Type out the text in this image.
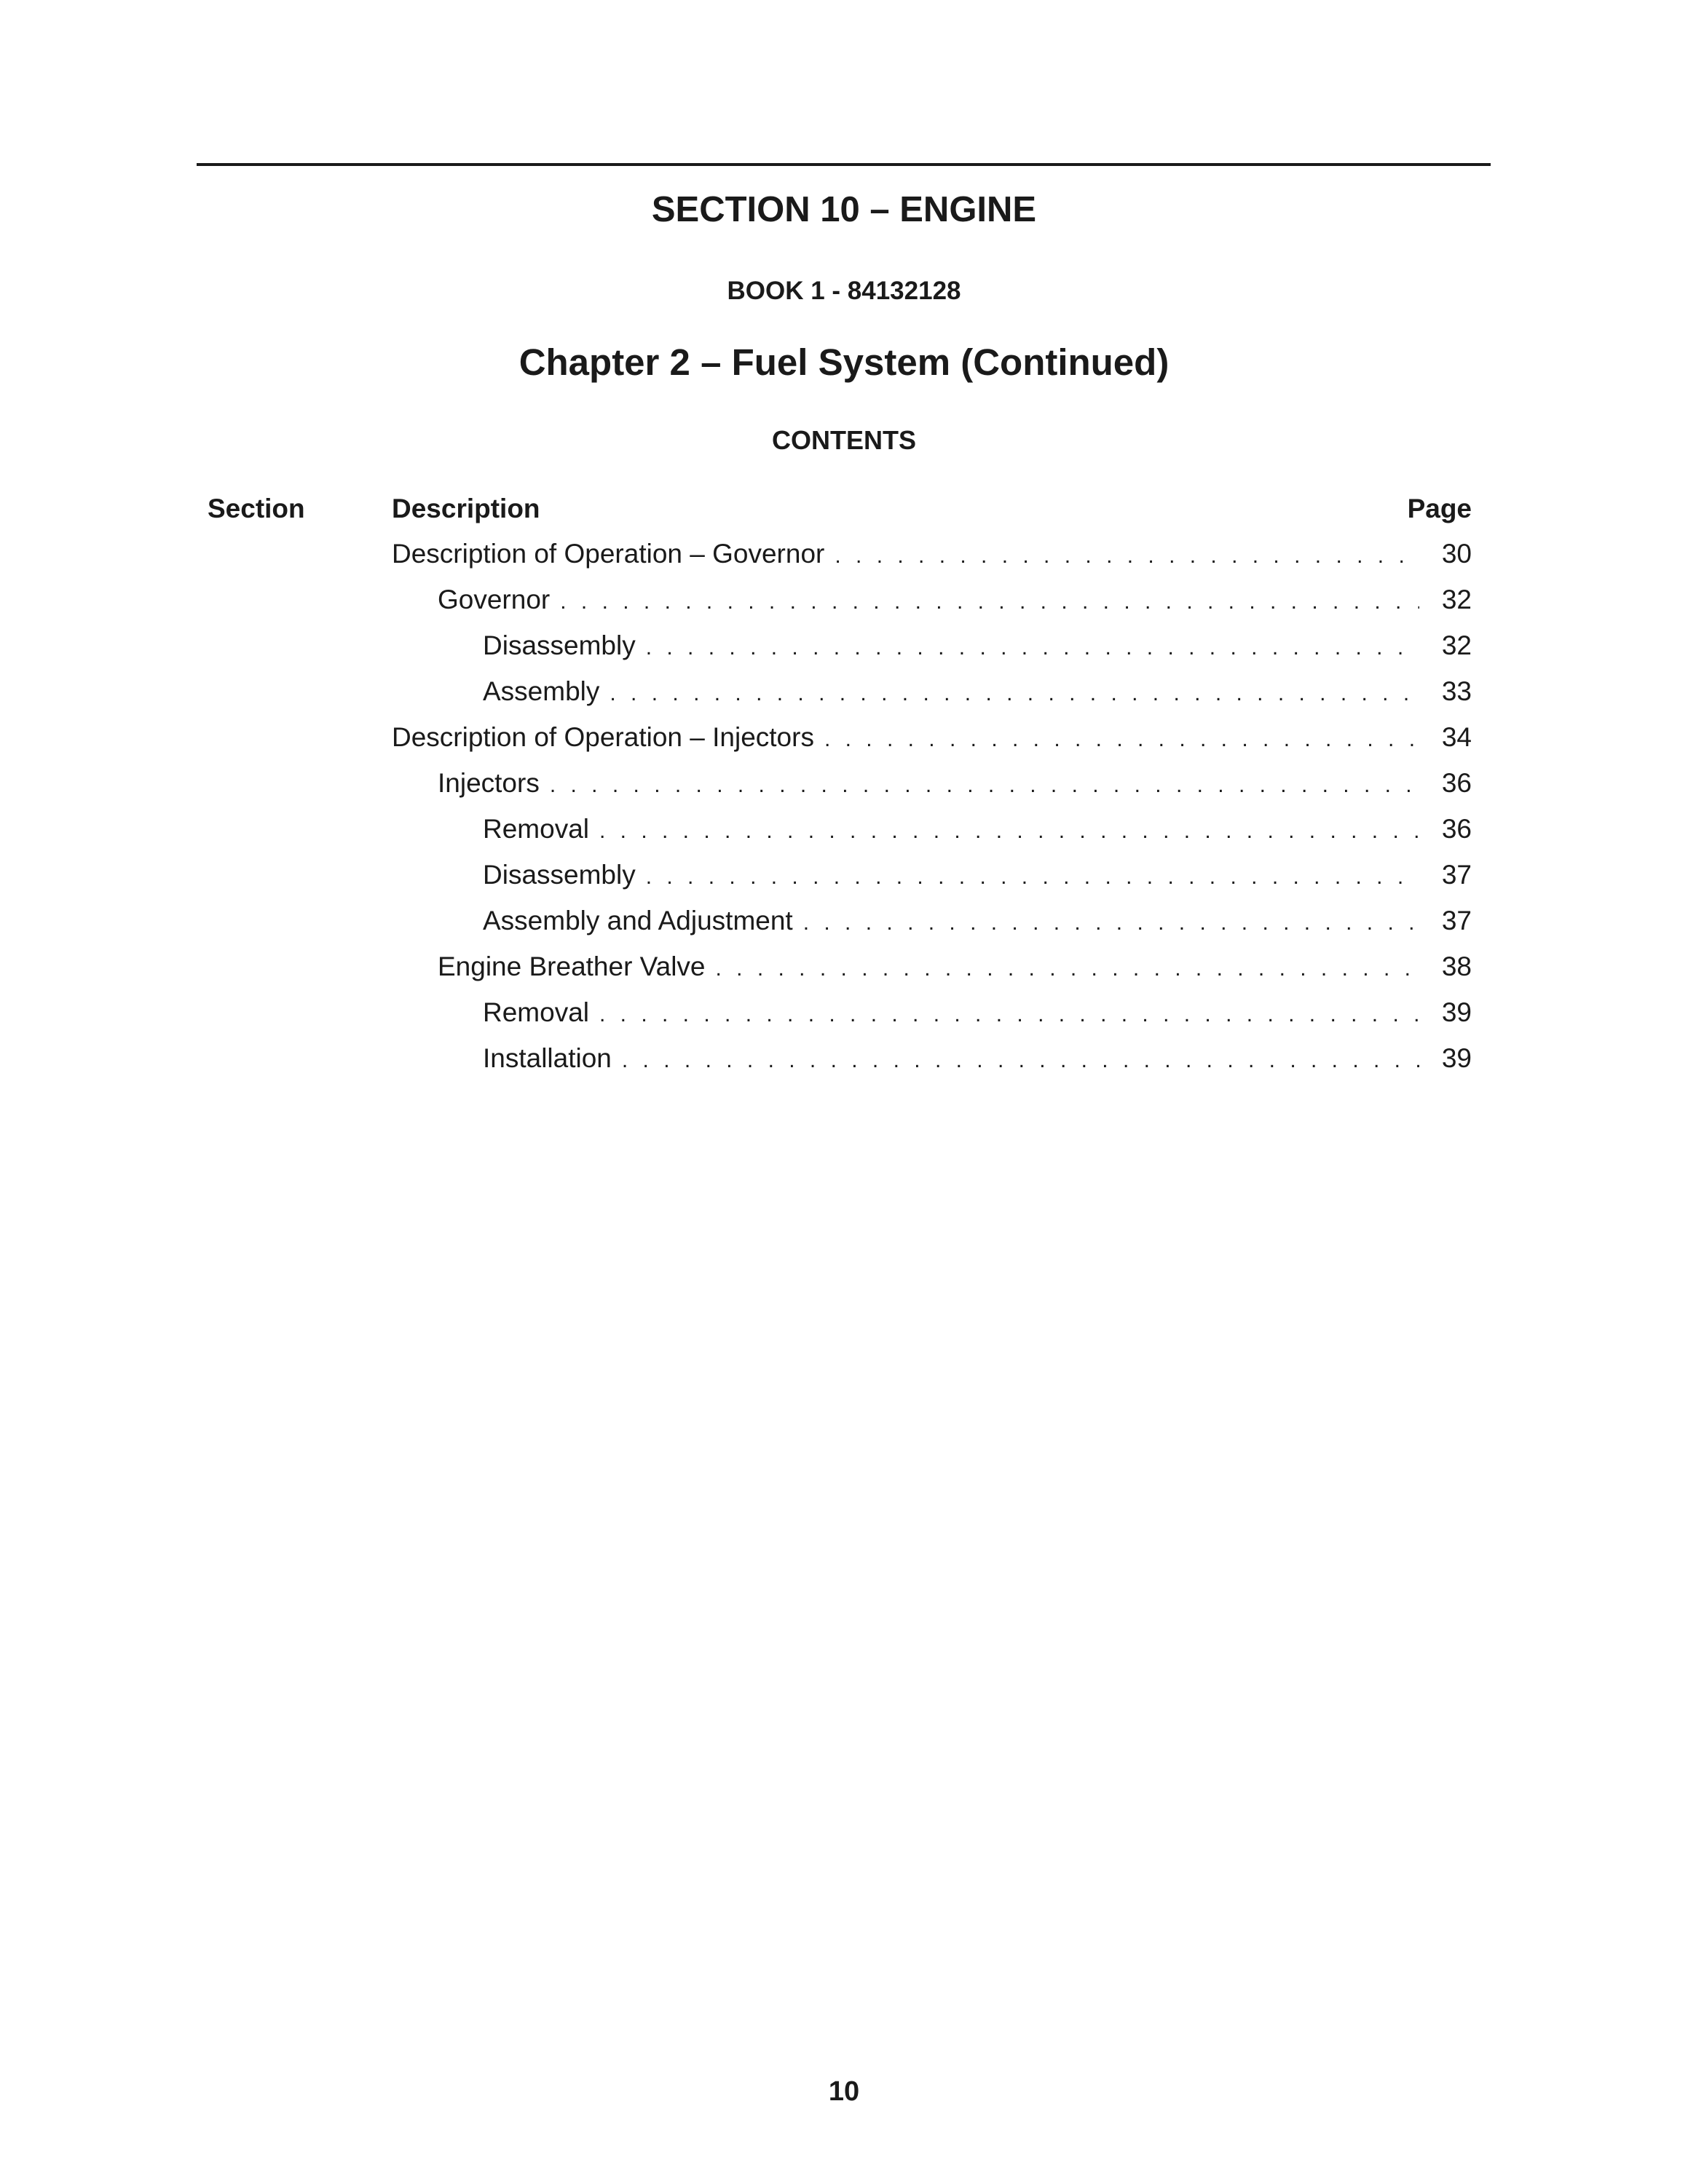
SECTION 10 – ENGINE
BOOK 1 - 84132128
Chapter 2 – Fuel System (Continued)
CONTENTS
Section	Description	Page
Description of Operation – Governor . . .	30
Governor . . .	32
Disassembly . . .	32
Assembly . . .	33
Description of Operation – Injectors . . .	34
Injectors . . .	36
Removal . . .	36
Disassembly . . .	37
Assembly and Adjustment . . .	37
Engine Breather Valve . . .	38
Removal . . .	39
Installation . . .	39
10
